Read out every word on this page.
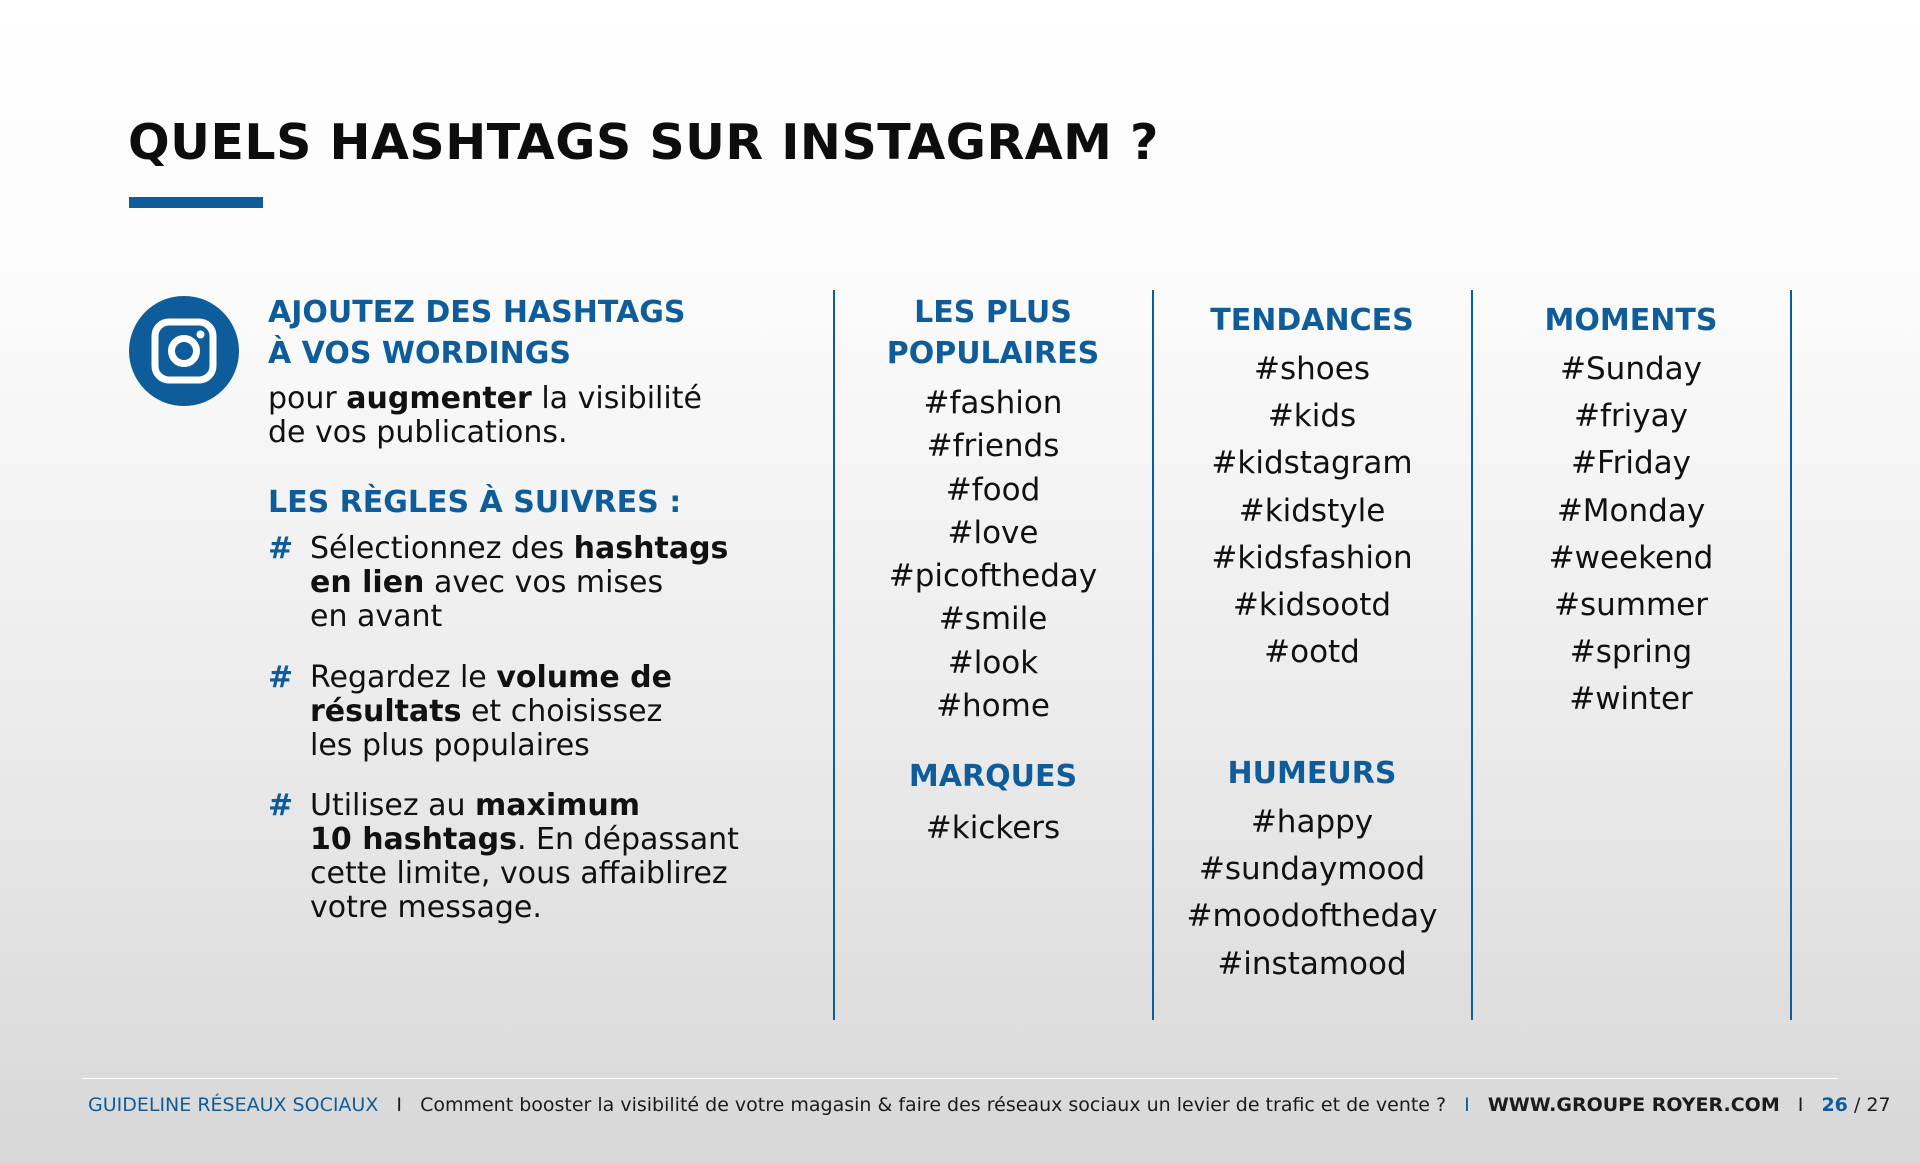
QUELS HASHTAGS SUR INSTAGRAM ?
AJOUTEZ DES HASHTAGS
À VOS WORDINGS
pour augmenter la visibilité
de vos publications.
LES RÈGLES À SUIVRES :
# Sélectionnez des hashtags
en lien avec vos mises
en avant
# Regardez le volume de
résultats et choisissez
les plus populaires
# Utilisez au maximum
10 hashtags. En dépassant
cette limite, vous affaiblirez
votre message.
LES PLUS
POPULAIRES
#fashion
#friends
#food
#love
#picoftheday
#smile
#look
#home
MARQUES
#kickers
TENDANCES
#shoes
#kids
#kidstagram
#kidstyle
#kidsfashion
#kidsootd
#ootd
HUMEURS
#happy
#sundaymood
#moodoftheday
#instamood
MOMENTS
#Sunday
#friyay
#Friday
#Monday
#weekend
#summer
#spring
#winter
GUIDELINE RÉSEAUX SOCIAUX I Comment booster la visibilité de votre magasin & faire des réseaux sociaux un levier de trafic et de vente ? I WWW.GROUPE ROYER.COM I 26 / 27
